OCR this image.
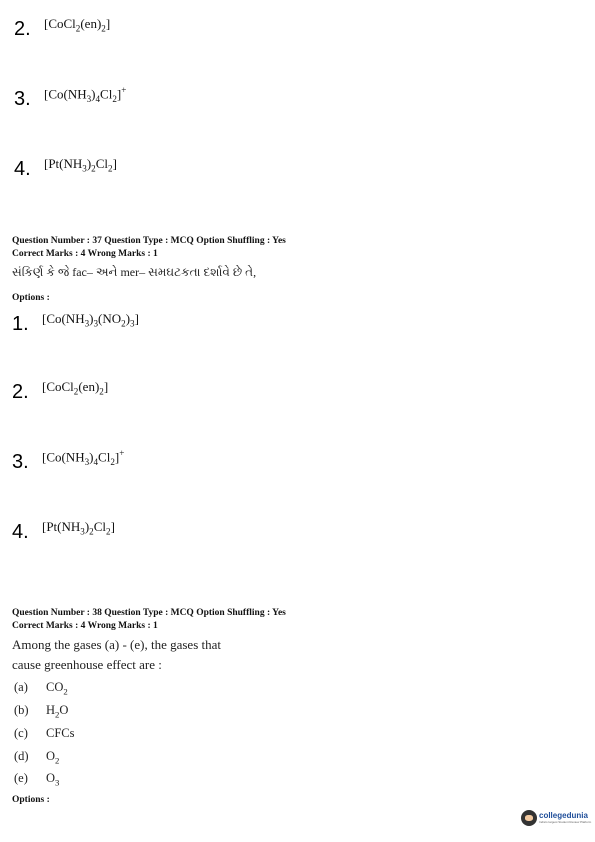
2.	$[CoCl_2(en)_2]$
3.	$[Co(NH_3)_4Cl_2]^+$
4.	$[Pt(NH_3)_2Cl_2]$
Question Number : 37 Question Type : MCQ Option Shuffling : Yes
Correct Marks : 4 Wrong Marks : 1
સંકિર્ણ કે જે fac– અને mer– સમઘટકતા દર્શાવે છે તે,
Options :
1.	$[Co(NH_3)_3(NO_2)_3]$
2.	$[CoCl_2(en)_2]$
3.	$[Co(NH_3)_4Cl_2]^+$
4.	$[Pt(NH_3)_2Cl_2]$
Question Number : 38 Question Type : MCQ Option Shuffling : Yes
Correct Marks : 4 Wrong Marks : 1
Among the gases (a) - (e), the gases that
cause greenhouse effect are :
(a) $CO_2$
(b) $H_2O$
(c) CFCs
(d) $O_2$
(e) $O_3$
Options :
collegedunia
India's largest Student Review Platform
